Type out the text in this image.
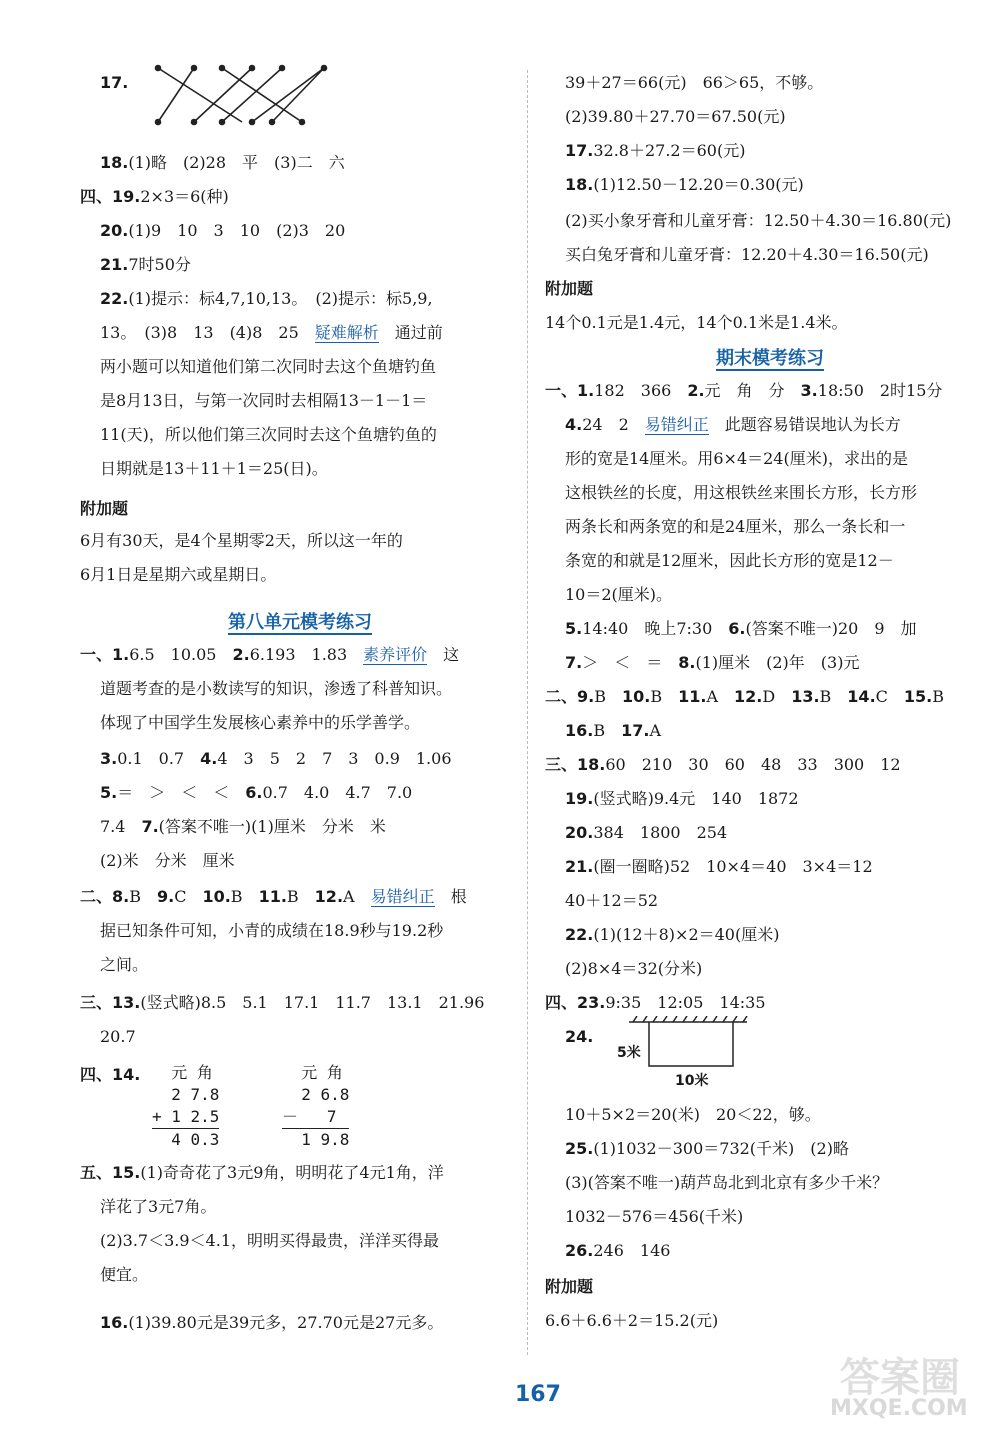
17.
18.(1)略　(2)28　平　(3)二　六
四、19.2×3＝6(种)
20.(1)9　10　3　10　(2)3　20
21.7时50分
22.(1)提示：标4,7,10,13。　(2)提示：标5,9,
13。　(3)8　13　(4)8　25　疑难解析　通过前
两小题可以知道他们第二次同时去这个鱼塘钓鱼
是8月13日，与第一次同时去相隔13－1－1＝
11(天)，所以他们第三次同时去这个鱼塘钓鱼的
日期就是13＋11＋1＝25(日)。
附加题
6月有30天，是4个星期零2天，所以这一年的
6月1日是星期六或星期日。
第八单元模考练习
一、1.6.5　10.05　2.6.193　1.83　素养评价　这
道题考查的是小数读写的知识，渗透了科普知识。
体现了中国学生发展核心素养中的乐学善学。
3.0.1　0.7　4.4　3　5　2　7　3　0.9　1.06
5.＝　＞　＜　＜　6.0.7　4.0　4.7　7.0
7.4　7.(答案不唯一)(1)厘米　分米　米
(2)米　分米　厘米
二、8.B　9.C　10.B　11.B　12.A　易错纠正　根
据已知条件可知，小青的成绩在18.9秒与19.2秒
之间。
三、13.(竖式略)8.5　5.1　17.1　11.7　13.1　21.96
20.7
四、14. 元 角
2 7.8
+ 1 2.5
4 0.3
元 角
2 6.8
－   7
1 9.8
五、15.(1)奇奇花了3元9角，明明花了4元1角，洋
洋花了3元7角。
(2)3.7＜3.9＜4.1，明明买得最贵，洋洋买得最
便宜。
16.(1)39.80元是39元多，27.70元是27元多。
39＋27＝66(元)　66＞65，不够。
(2)39.80＋27.70＝67.50(元)
17.32.8＋27.2＝60(元)
18.(1)12.50－12.20＝0.30(元)
(2)买小象牙膏和儿童牙膏：12.50＋4.30＝16.80(元)
买白兔牙膏和儿童牙膏：12.20＋4.30＝16.50(元)
附加题
14个0.1元是1.4元，14个0.1米是1.4米。
期末模考练习
一、1.182　366　2.元　角　分　3.18:50　2时15分
4.24　2　易错纠正　此题容易错误地认为长方
形的宽是14厘米。用6×4＝24(厘米)，求出的是
这根铁丝的长度，用这根铁丝来围长方形，长方形
两条长和两条宽的和是24厘米，那么一条长和一
条宽的和就是12厘米，因此长方形的宽是12－
10＝2(厘米)。
5.14:40　晚上7:30　6.(答案不唯一)20　9　加
7.＞　＜　＝　8.(1)厘米　(2)年　(3)元
二、9.B　10.B　11.A　12.D　13.B　14.C　15.B
16.B　17.A
三、18.60　210　30　60　48　33　300　12
19.(竖式略)9.4元　140　1872
20.384　1800　254
21.(圈一圈略)52　10×4＝40　3×4＝12
40＋12＝52
22.(1)(12＋8)×2＝40(厘米)
(2)8×4＝32(分米)
四、23.9:35　12:05　14:35
24.
5米
10米
10＋5×2＝20(米)　20＜22，够。
25.(1)1032－300＝732(千米)　(2)略
(3)(答案不唯一)葫芦岛北到北京有多少千米？
1032－576＝456(千米)
26.246　146
附加题
6.6＋6.6＋2＝15.2(元)
167	答案圈
MXQE.COM
